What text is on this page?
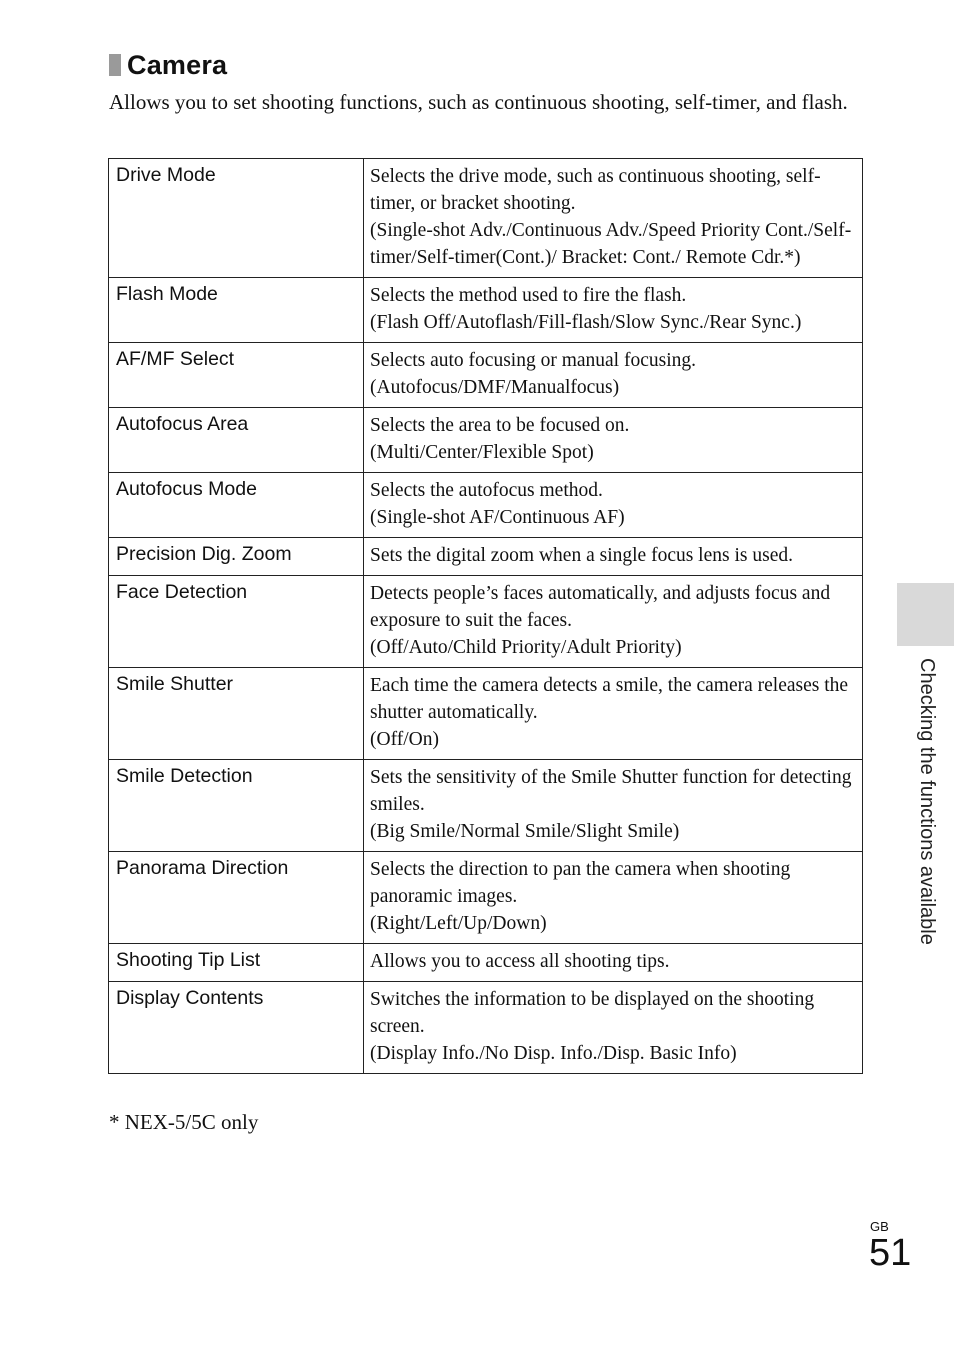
Camera
Allows you to set shooting functions, such as continuous shooting, self-timer, and flash.
Drive Mode	Selects the drive mode, such as continuous shooting, self-timer, or bracket shooting.
(Single-shot Adv./Continuous Adv./Speed Priority Cont./Self-timer/Self-timer(Cont.)/ Bracket: Cont./ Remote Cdr.*)

Flash Mode	Selects the method used to fire the flash.
(Flash Off/Autoflash/Fill-flash/Slow Sync./Rear Sync.)

AF/MF Select	Selects auto focusing or manual focusing.
(Autofocus/DMF/Manualfocus)

Autofocus Area	Selects the area to be focused on.
(Multi/Center/Flexible Spot)

Autofocus Mode	Selects the autofocus method.
(Single-shot AF/Continuous AF)

Precision Dig. Zoom	Sets the digital zoom when a single focus lens is used.

Face Detection	Detects people’s faces automatically, and adjusts focus and exposure to suit the faces.
(Off/Auto/Child Priority/Adult Priority)

Smile Shutter	Each time the camera detects a smile, the camera releases the shutter automatically.
(Off/On)

Smile Detection	Sets the sensitivity of the Smile Shutter function for detecting smiles.
(Big Smile/Normal Smile/Slight Smile)

Panorama Direction	Selects the direction to pan the camera when shooting panoramic images.
(Right/Left/Up/Down)

Shooting Tip List	Allows you to access all shooting tips.

Display Contents	Switches the information to be displayed on the shooting screen.
(Display Info./No Disp. Info./Disp. Basic Info)
* NEX-5/5C only
Checking the functions available
GB
51
